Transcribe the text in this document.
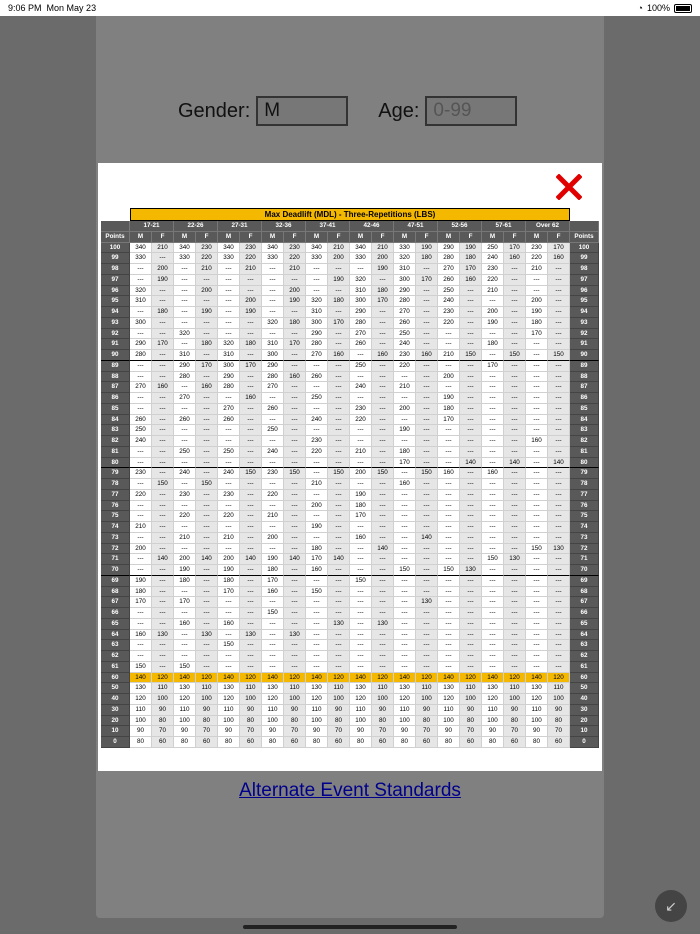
9:06 PM Mon May 23	◔ 100%
Gender: M	Age: 0-99
Max Deadlift (MDL) - Three-Repetitions (LBS)
17-21	22-26	27-31	32-36	37-41	42-46	47-51	52-56	57-61	Over 62
Points	M	F	M	F	M	F	M	F	M	F	M	F	M	F	M	F	M	F	M	F	Points
100	340	210	340	230	340	230	340	230	340	210	340	210	330	190	290	190	250	170	230	170	100
99	330	---	330	220	330	220	330	220	330	200	330	200	320	180	280	180	240	160	220	160	99
98	---	200	---	210	---	210	---	210	---	---	---	190	310	---	270	170	230	---	210	---	98
97	---	190	---	---	---	---	---	---	---	190	320	---	300	170	260	160	220	---	---	---	97
96	320	---	---	200	---	---	---	200	---	---	310	180	290	---	250	---	210	---	---	---	96
95	310	---	---	---	---	200	---	190	320	180	300	170	280	---	240	---	---	---	200	---	95
94	---	180	---	190	---	190	---	---	310	---	290	---	270	---	230	---	200	---	190	---	94
93	300	---	---	---	---	---	320	180	300	170	280	---	260	---	220	---	190	---	180	---	93
92	---	---	320	---	---	---	---	---	290	---	270	---	250	---	---	---	---	---	170	---	92
91	290	170	---	180	320	180	310	170	280	---	260	---	240	---	---	---	180	---	---	---	91
90	280	---	310	---	310	---	300	---	270	160	---	160	230	160	210	150	---	150	---	150	90
89	---	---	290	170	300	170	290	---	---	---	250	---	220	---	---	---	170	---	---	---	89
88	---	---	280	---	290	---	280	160	260	---	---	---	---	---	200	---	---	---	---	---	88
87	270	160	---	160	280	---	270	---	---	---	240	---	210	---	---	---	---	---	---	---	87
86	---	---	270	---	---	160	---	---	250	---	---	---	---	---	190	---	---	---	---	---	86
85	---	---	---	---	270	---	260	---	---	---	230	---	200	---	180	---	---	---	---	---	85
84	260	---	260	---	260	---	---	---	240	---	220	---	---	---	170	---	---	---	---	---	84
83	250	---	---	---	---	---	250	---	---	---	---	---	190	---	---	---	---	---	---	---	83
82	240	---	---	---	---	---	---	---	230	---	---	---	---	---	---	---	---	---	160	---	82
81	---	---	250	---	250	---	240	---	220	---	210	---	180	---	---	---	---	---	---	---	81
80	---	---	---	---	---	---	---	---	---	---	---	---	170	---	---	140	---	140	---	140	80
79	230	---	240	---	240	150	230	150	---	150	200	150	---	150	160	---	160	---	---	---	79
78	---	150	---	150	---	---	---	---	210	---	---	---	160	---	---	---	---	---	---	---	78
77	220	---	230	---	230	---	220	---	---	---	190	---	---	---	---	---	---	---	---	---	77
76	---	---	---	---	---	---	---	---	200	---	180	---	---	---	---	---	---	---	---	---	76
75	---	---	220	---	220	---	210	---	---	---	170	---	---	---	---	---	---	---	---	---	75
74	210	---	---	---	---	---	---	---	190	---	---	---	---	---	---	---	---	---	---	---	74
73	---	---	210	---	210	---	200	---	---	---	160	---	---	140	---	---	---	---	---	---	73
72	200	---	---	---	---	---	---	---	180	---	---	140	---	---	---	---	---	---	150	130	72
71	---	140	200	140	200	140	190	140	170	140	---	---	---	---	---	---	150	130	---	---	71
70	---	---	190	---	190	---	180	---	160	---	---	---	150	---	150	130	---	---	---	---	70
69	190	---	180	---	180	---	170	---	---	---	150	---	---	---	---	---	---	---	---	---	69
68	180	---	---	---	170	---	160	---	150	---	---	---	---	---	---	---	---	---	---	---	68
67	170	---	170	---	---	---	---	---	---	---	---	---	---	130	---	---	---	---	---	---	67
66	---	---	---	---	---	---	150	---	---	---	---	---	---	---	---	---	---	---	---	---	66
65	---	---	160	---	160	---	---	---	---	130	---	130	---	---	---	---	---	---	---	---	65
64	160	130	---	130	---	130	---	130	---	---	---	---	---	---	---	---	---	---	---	---	64
63	---	---	---	---	150	---	---	---	---	---	---	---	---	---	---	---	---	---	---	---	63
62	---	---	---	---	---	---	---	---	---	---	---	---	---	---	---	---	---	---	---	---	62
61	150	---	150	---	---	---	---	---	---	---	---	---	---	---	---	---	---	---	---	---	61
60	140	120	140	120	140	120	140	120	140	120	140	120	140	120	140	120	140	120	140	120	60
50	130	110	130	110	130	110	130	110	130	110	130	110	130	110	130	110	130	110	130	110	50
40	120	100	120	100	120	100	120	100	120	100	120	100	120	100	120	100	120	100	120	100	40
30	110	90	110	90	110	90	110	90	110	90	110	90	110	90	110	90	110	90	110	90	30
20	100	80	100	80	100	80	100	80	100	80	100	80	100	80	100	80	100	80	100	80	20
10	90	70	90	70	90	70	90	70	90	70	90	70	90	70	90	70	90	70	90	70	10
0	80	60	80	60	80	60	80	60	80	60	80	60	80	60	80	60	80	60	80	60	0
Alternate Event Standards
↙
